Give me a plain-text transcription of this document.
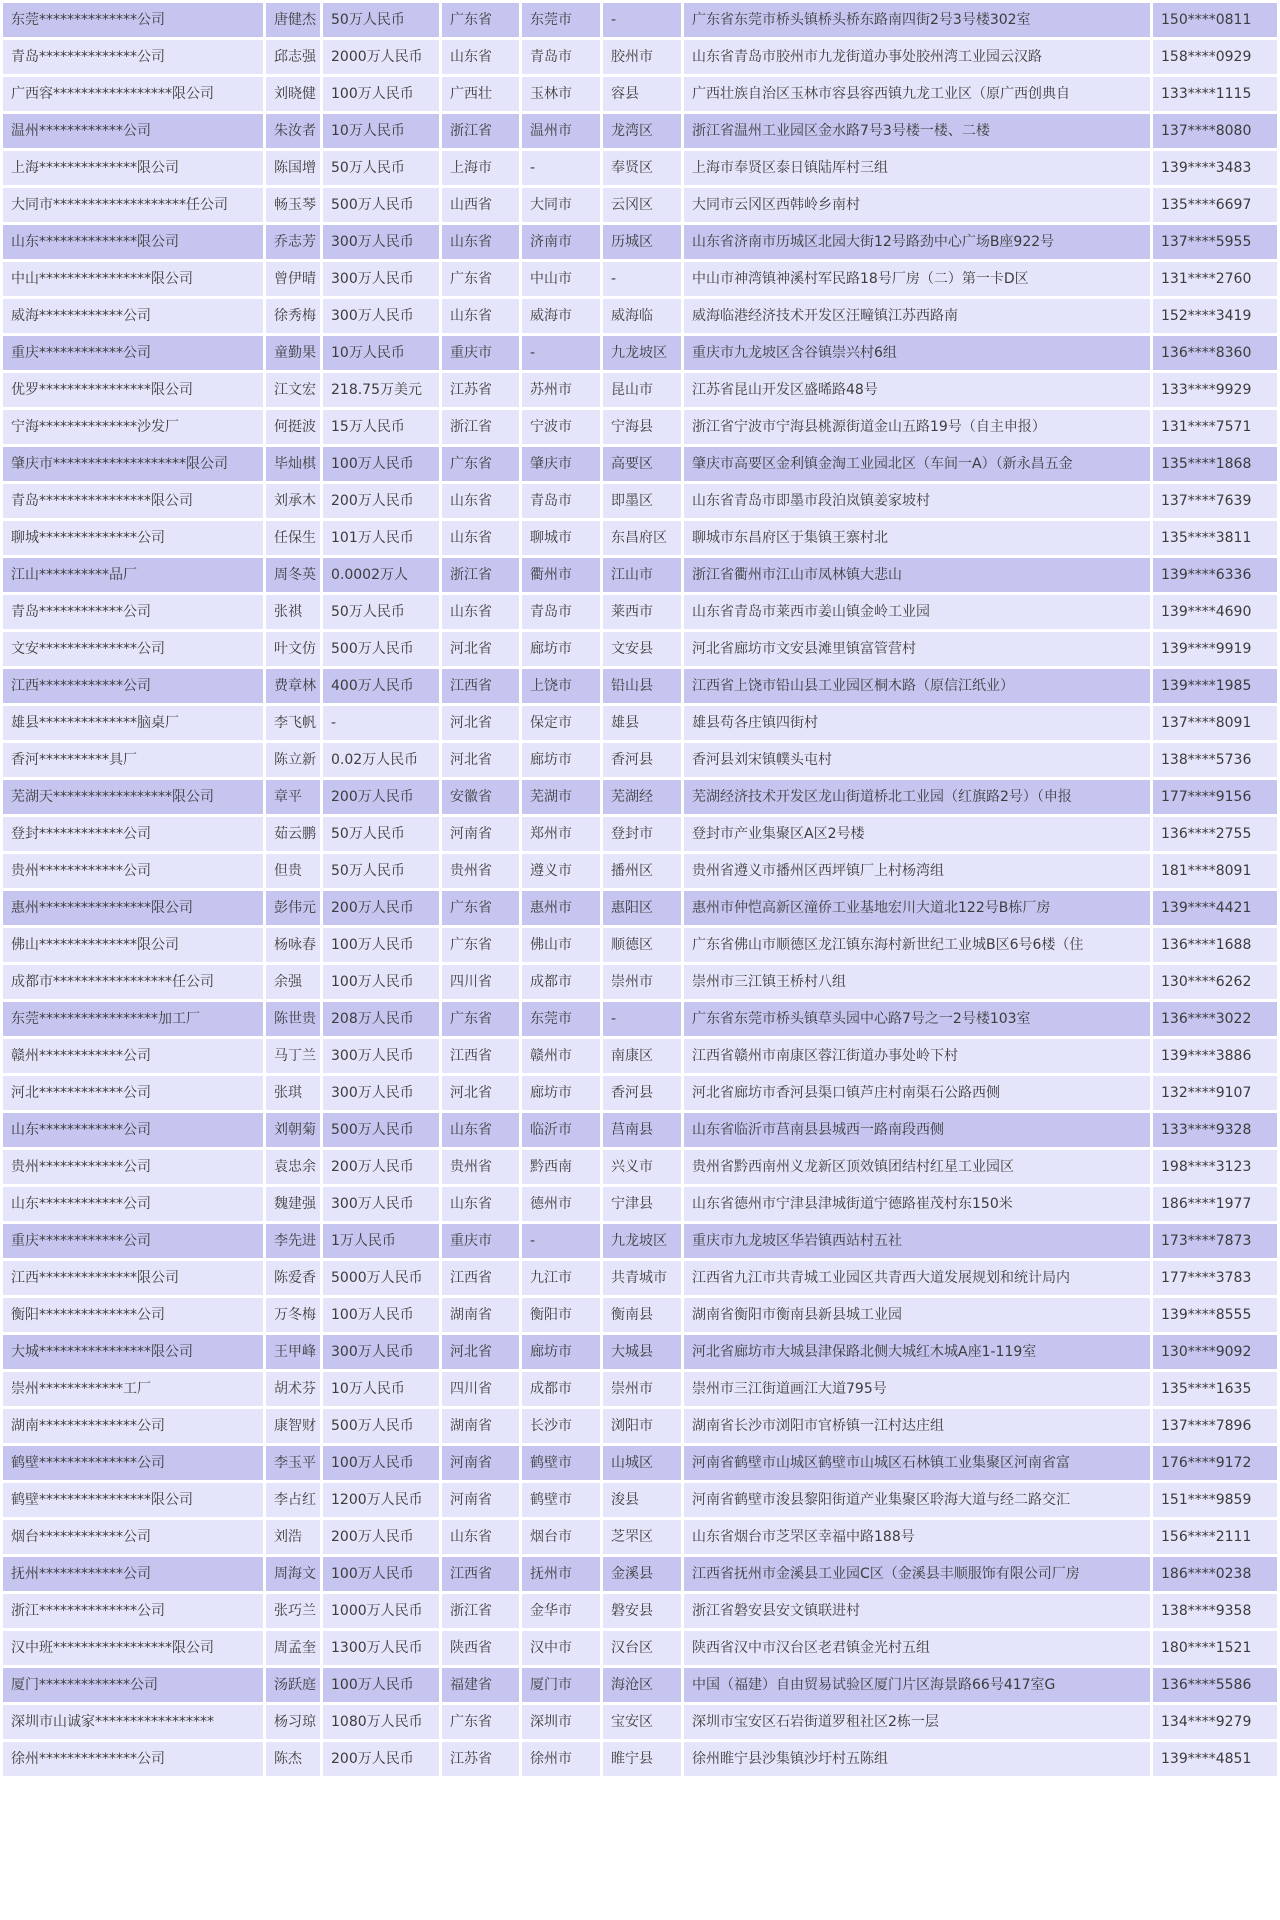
东莞**************公司	唐健杰	50万人民币	广东省	东莞市	-	广东省东莞市桥头镇桥头桥东路南四街2号3号楼302室	150****0811
青岛**************公司	邱志强	2000万人民币	山东省	青岛市	胶州市	山东省青岛市胶州市九龙街道办事处胶州湾工业园云汉路	158****0929
广西容*****************限公司	刘晓健	100万人民币	广西壮	玉林市	容县	广西壮族自治区玉林市容县容西镇九龙工业区（原广西创典自	133****1115
温州************公司	朱汝者	10万人民币	浙江省	温州市	龙湾区	浙江省温州工业园区金水路7号3号楼一楼、二楼	137****8080
上海**************限公司	陈国增	50万人民币	上海市	-	奉贤区	上海市奉贤区泰日镇陆厍村三组	139****3483
大同市*******************任公司	畅玉琴	500万人民币	山西省	大同市	云冈区	大同市云冈区西韩岭乡南村	135****6697
山东**************限公司	乔志芳	300万人民币	山东省	济南市	历城区	山东省济南市历城区北园大街12号路劲中心广场B座922号	137****5955
中山****************限公司	曾伊晴	300万人民币	广东省	中山市	-	中山市神湾镇神溪村军民路18号厂房（二）第一卡D区	131****2760
威海************公司	徐秀梅	300万人民币	山东省	威海市	威海临	威海临港经济技术开发区汪疃镇江苏西路南	152****3419
重庆************公司	童勤果	10万人民币	重庆市	-	九龙坡区	重庆市九龙坡区含谷镇崇兴村6组	136****8360
优罗****************限公司	江文宏	218.75万美元	江苏省	苏州市	昆山市	江苏省昆山开发区盛晞路48号	133****9929
宁海**************沙发厂	何挺波	15万人民币	浙江省	宁波市	宁海县	浙江省宁波市宁海县桃源街道金山五路19号（自主申报）	131****7571
肇庆市*******************限公司	毕灿棋	100万人民币	广东省	肇庆市	高要区	肇庆市高要区金利镇金淘工业园北区（车间一A）（新永昌五金	135****1868
青岛****************限公司	刘承木	200万人民币	山东省	青岛市	即墨区	山东省青岛市即墨市段泊岚镇姜家坡村	137****7639
聊城**************公司	任保生	101万人民币	山东省	聊城市	东昌府区	聊城市东昌府区于集镇王寨村北	135****3811
江山**********品厂	周冬英	0.0002万人	浙江省	衢州市	江山市	浙江省衢州市江山市凤林镇大悲山	139****6336
青岛************公司	张祺	50万人民币	山东省	青岛市	莱西市	山东省青岛市莱西市姜山镇金岭工业园	139****4690
文安**************公司	叶文仿	500万人民币	河北省	廊坊市	文安县	河北省廊坊市文安县滩里镇富管营村	139****9919
江西************公司	费章林	400万人民币	江西省	上饶市	铅山县	江西省上饶市铅山县工业园区桐木路（原信江纸业）	139****1985
雄县**************脑桌厂	李飞帆	-	河北省	保定市	雄县	雄县苟各庄镇四街村	137****8091
香河**********具厂	陈立新	0.02万人民币	河北省	廊坊市	香河县	香河县刘宋镇幞头屯村	138****5736
芜湖天*****************限公司	章平	200万人民币	安徽省	芜湖市	芜湖经	芜湖经济技术开发区龙山街道桥北工业园（红旗路2号）（申报	177****9156
登封************公司	茹云鹏	50万人民币	河南省	郑州市	登封市	登封市产业集聚区A区2号楼	136****2755
贵州************公司	但贵	50万人民币	贵州省	遵义市	播州区	贵州省遵义市播州区西坪镇厂上村杨湾组	181****8091
惠州****************限公司	彭伟元	200万人民币	广东省	惠州市	惠阳区	惠州市仲恺高新区潼侨工业基地宏川大道北122号B栋厂房	139****4421
佛山**************限公司	杨咏春	100万人民币	广东省	佛山市	顺德区	广东省佛山市顺德区龙江镇东海村新世纪工业城B区6号6楼（住	136****1688
成都市*****************任公司	余强	100万人民币	四川省	成都市	崇州市	崇州市三江镇王桥村八组	130****6262
东莞*****************加工厂	陈世贵	208万人民币	广东省	东莞市	-	广东省东莞市桥头镇草头园中心路7号之一2号楼103室	136****3022
赣州************公司	马丁兰	300万人民币	江西省	赣州市	南康区	江西省赣州市南康区蓉江街道办事处岭下村	139****3886
河北************公司	张琪	300万人民币	河北省	廊坊市	香河县	河北省廊坊市香河县渠口镇芦庄村南渠石公路西侧	132****9107
山东************公司	刘朝菊	500万人民币	山东省	临沂市	莒南县	山东省临沂市莒南县县城西一路南段西侧	133****9328
贵州************公司	袁忠余	200万人民币	贵州省	黔西南	兴义市	贵州省黔西南州义龙新区顶效镇团结村红星工业园区	198****3123
山东************公司	魏建强	300万人民币	山东省	德州市	宁津县	山东省德州市宁津县津城街道宁德路崔茂村东150米	186****1977
重庆************公司	李先进	1万人民币	重庆市	-	九龙坡区	重庆市九龙坡区华岩镇西站村五社	173****7873
江西**************限公司	陈爱香	5000万人民币	江西省	九江市	共青城市	江西省九江市共青城工业园区共青西大道发展规划和统计局内	177****3783
衡阳**************公司	万冬梅	100万人民币	湖南省	衡阳市	衡南县	湖南省衡阳市衡南县新县城工业园	139****8555
大城****************限公司	王甲峰	300万人民币	河北省	廊坊市	大城县	河北省廊坊市大城县津保路北侧大城红木城A座1-119室	130****9092
崇州************工厂	胡术芬	10万人民币	四川省	成都市	崇州市	崇州市三江街道画江大道795号	135****1635
湖南**************公司	康智财	500万人民币	湖南省	长沙市	浏阳市	湖南省长沙市浏阳市官桥镇一江村达庄组	137****7896
鹤壁**************公司	李玉平	100万人民币	河南省	鹤壁市	山城区	河南省鹤壁市山城区鹤壁市山城区石林镇工业集聚区河南省富	176****9172
鹤壁****************限公司	李占红	1200万人民币	河南省	鹤壁市	浚县	河南省鹤壁市浚县黎阳街道产业集聚区聆海大道与经二路交汇	151****9859
烟台************公司	刘浩	200万人民币	山东省	烟台市	芝罘区	山东省烟台市芝罘区幸福中路188号	156****2111
抚州************公司	周海文	100万人民币	江西省	抚州市	金溪县	江西省抚州市金溪县工业园C区（金溪县丰顺服饰有限公司厂房	186****0238
浙江**************公司	张巧兰	1000万人民币	浙江省	金华市	磐安县	浙江省磐安县安文镇联进村	138****9358
汉中班*****************限公司	周孟奎	1300万人民币	陕西省	汉中市	汉台区	陕西省汉中市汉台区老君镇金光村五组	180****1521
厦门*************公司	汤跃庭	100万人民币	福建省	厦门市	海沧区	中国（福建）自由贸易试验区厦门片区海景路66号417室G	136****5586
深圳市山诚家*****************	杨习琼	1080万人民币	广东省	深圳市	宝安区	深圳市宝安区石岩街道罗租社区2栋一层	134****9279
徐州**************公司	陈杰	200万人民币	江苏省	徐州市	睢宁县	徐州睢宁县沙集镇沙圩村五陈组	139****4851
